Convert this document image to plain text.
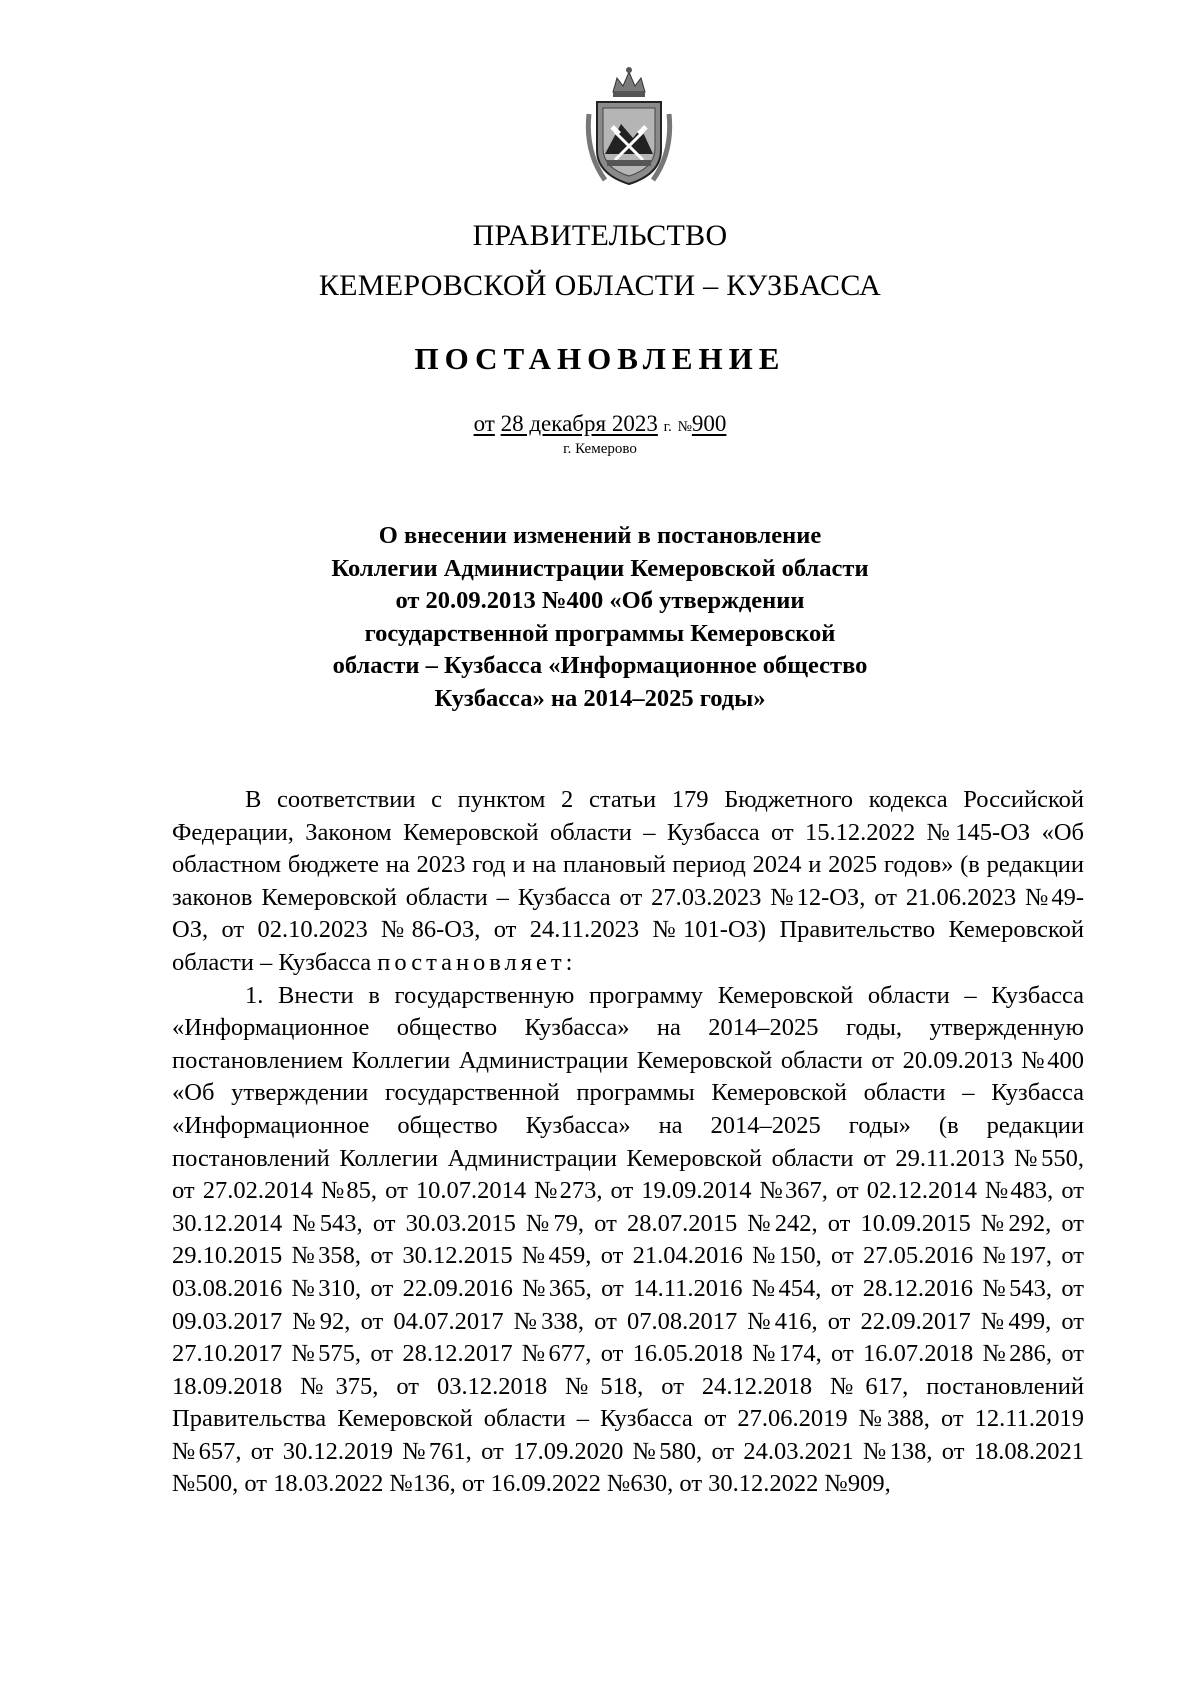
ПРАВИТЕЛЬСТВО
КЕМЕРОВСКОЙ ОБЛАСТИ – КУЗБАССА
ПОСТАНОВЛЕНИЕ
от 28 декабря 2023 г. №900
г. Кемерово
О внесении изменений в постановление
Коллегии Администрации Кемеровской области
от 20.09.2013 №400 «Об утверждении
государственной программы Кемеровской
области – Кузбасса «Информационное общество
Кузбасса» на 2014–2025 годы»

В соответствии с пунктом 2 статьи 179 Бюджетного кодекса Российской Федерации, Законом Кемеровской области – Кузбасса от 15.12.2022 №145-ОЗ «Об областном бюджете на 2023 год и на плановый период 2024 и 2025 годов» (в редакции законов Кемеровской области – Кузбасса от 27.03.2023 №12-ОЗ, от 21.06.2023 №49-ОЗ, от 02.10.2023 №86-ОЗ, от 24.11.2023 №101-ОЗ) Правительство Кемеровской области – Кузбасса постановляет:

1. Внести в государственную программу Кемеровской области – Кузбасса «Информационное общество Кузбасса» на 2014–2025 годы, утвержденную постановлением Коллегии Администрации Кемеровской области от 20.09.2013 №400 «Об утверждении государственной программы Кемеровской области – Кузбасса «Информационное общество Кузбасса» на 2014–2025 годы» (в редакции постановлений Коллегии Администрации Кемеровской области от 29.11.2013 №550, от 27.02.2014 №85, от 10.07.2014 №273, от 19.09.2014 №367, от 02.12.2014 №483, от 30.12.2014 №543, от 30.03.2015 №79, от 28.07.2015 №242, от 10.09.2015 №292, от 29.10.2015 №358, от 30.12.2015 №459, от 21.04.2016 №150, от 27.05.2016 №197, от 03.08.2016 №310, от 22.09.2016 №365, от 14.11.2016 №454, от 28.12.2016 №543, от 09.03.2017 №92, от 04.07.2017 №338, от 07.08.2017 №416, от 22.09.2017 №499, от 27.10.2017 №575, от 28.12.2017 №677, от 16.05.2018 №174, от 16.07.2018 №286, от 18.09.2018 №375, от 03.12.2018 №518, от 24.12.2018 №617, постановлений Правительства Кемеровской области – Кузбасса от 27.06.2019 №388, от 12.11.2019 №657, от 30.12.2019 №761, от 17.09.2020 №580, от 24.03.2021 №138, от 18.08.2021 №500, от 18.03.2022 №136, от 16.09.2022 №630, от 30.12.2022 №909,
